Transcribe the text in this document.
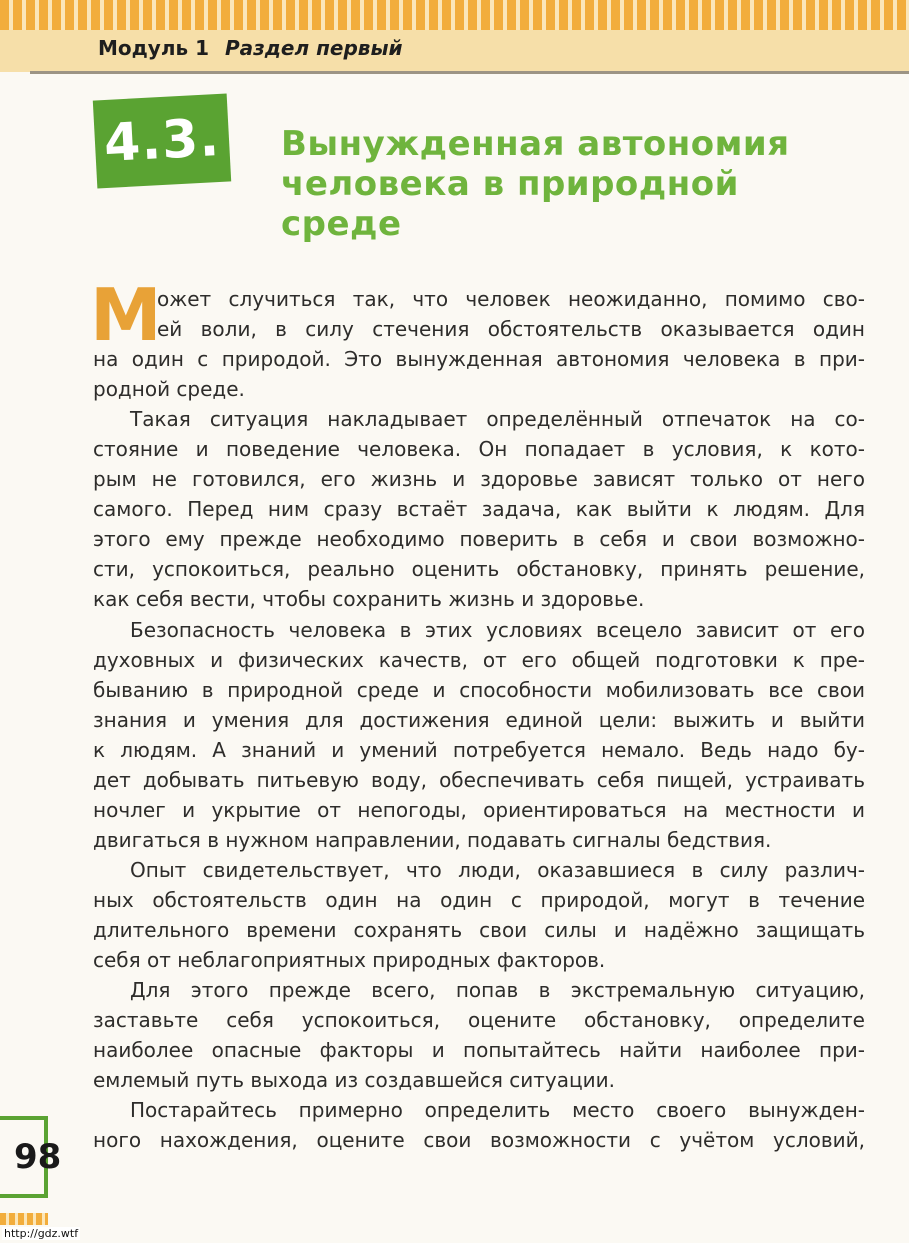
Модуль 1 Раздел первый
4.3. Вынужденная автономия
человека в природной
среде
М
ожет случиться так, что человек неожиданно, помимо сво-
ей воли, в силу стечения обстоятельств оказывается один
на один с природой. Это вынужденная автономия человека в при-
родной среде.
Такая ситуация накладывает определённый отпечаток на со-
стояние и поведение человека. Он попадает в условия, к кото-
рым не готовился, его жизнь и здоровье зависят только от него
самого. Перед ним сразу встаёт задача, как выйти к людям. Для
этого ему прежде необходимо поверить в себя и свои возможно-
сти, успокоиться, реально оценить обстановку, принять решение,
как себя вести, чтобы сохранить жизнь и здоровье.
Безопасность человека в этих условиях всецело зависит от его
духовных и физических качеств, от его общей подготовки к пре-
быванию в природной среде и способности мобилизовать все свои
знания и умения для достижения единой цели: выжить и выйти
к людям. А знаний и умений потребуется немало. Ведь надо бу-
дет добывать питьевую воду, обеспечивать себя пищей, устраивать
ночлег и укрытие от непогоды, ориентироваться на местности и
двигаться в нужном направлении, подавать сигналы бедствия.
Опыт свидетельствует, что люди, оказавшиеся в силу различ-
ных обстоятельств один на один с природой, могут в течение
длительного времени сохранять свои силы и надёжно защищать
себя от неблагоприятных природных факторов.
Для этого прежде всего, попав в экстремальную ситуацию,
заставьте себя успокоиться, оцените обстановку, определите
наиболее опасные факторы и попытайтесь найти наиболее при-
емлемый путь выхода из создавшейся ситуации.
Постарайтесь примерно определить место своего вынужден-
ного нахождения, оцените свои возможности с учётом условий,
98
http://gdz.wtf
